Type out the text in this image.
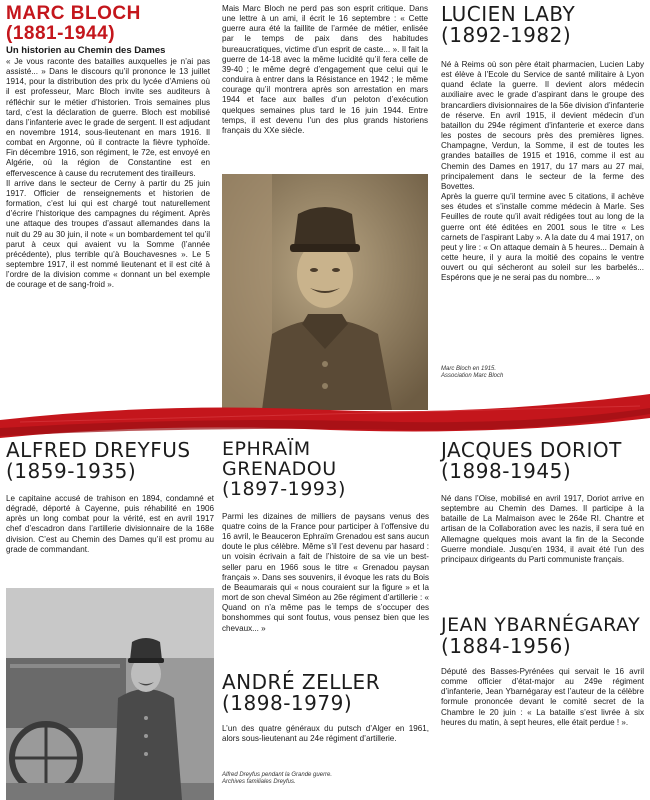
MARC BLOCH
(1881-1944)
Un historien au Chemin des Dames

« Je vous raconte des batailles auxquelles je n’ai pas assisté... » Dans le discours qu’il prononce le 13 juillet 1914, pour la distribution des prix du lycée d’Amiens où il est professeur, Marc Bloch invite ses auditeurs à réfléchir sur le métier d’historien. Trois semaines plus tard, c’est la déclaration de guerre. Bloch est mobilisé dans l’infanterie avec le grade de sergent. Il est adjudant en novembre 1914, sous-lieutenant en mars 1916. Il combat en Argonne, où il contracte la fièvre typhoïde. Fin décembre 1916, son régiment, le 72e, est envoyé en Algérie, où la région de Constantine est en effervescence à cause du recrutement des tirailleurs.
Il arrive dans le secteur de Cerny à partir du 25 juin 1917. Officier de renseignements et historien de formation, c’est lui qui est chargé tout naturellement d’écrire l’historique des campagnes du régiment. Après une attaque des troupes d’assaut allemandes dans la nuit du 29 au 30 juin, il note « un bombardement tel qu’il parut à ceux qui avaient vu la Somme (l’année précédente), plus terrible qu’à Bouchavesnes ». Le 5 septembre 1917, il est nommé lieutenant et il est cité à l’ordre de la division comme « donnant un bel exemple de courage et de sang-froid ».

Mais Marc Bloch ne perd pas son esprit critique. Dans une lettre à un ami, il écrit le 16 septembre : « Cette guerre aura été la faillite de l’armée de métier, enlisée par le temps de paix dans des habitudes bureaucratiques, victime d’un esprit de caste... ». Il fait la guerre de 14-18 avec la même lucidité qu’il fera celle de 39-40 ; le même degré d’engagement que celui qui le conduira à entrer dans la Résistance en 1942 ; le même courage qu’il montrera après son arrestation en mars 1944 et face aux balles d’un peloton d’exécution quelques semaines plus tard le 16 juin 1944. Entre temps, il est devenu l’un des plus grands historiens français du XXe siècle.

LUCIEN LABY
(1892-1982)

Né à Reims où son père était pharmacien, Lucien Laby est élève à l’Ecole du Service de santé militaire à Lyon quand éclate la guerre. Il devient alors médecin auxiliaire avec le grade d’aspirant dans le groupe des brancardiers divisionnaires de la 56e division d’infanterie de réserve. En avril 1915, il devient médecin d’un bataillon du 294e régiment d’infanterie et exerce dans les postes de secours près des premières lignes. Champagne, Verdun, la Somme, il est de toutes les grandes batailles de 1915 et 1916, comme il est au Chemin des Dames en 1917, du 17 mars au 27 mai, principalement dans le secteur de la ferme des Bovettes.
Après la guerre qu’il termine avec 5 citations, il achève ses études et s’installe comme médecin à Marle. Ses Feuilles de route qu’il avait rédigées tout au long de la guerre ont été éditées en 2001 sous le titre « Les carnets de l’aspirant Laby ». A la date du 4 mai 1917, on peut y lire : « On attaque demain à 5 heures... Demain à cette heure, il y aura la moitié des copains le ventre ouvert ou qui sécheront au soleil sur les barbelés... Espérons que je ne serai pas du nombre... »

Marc Bloch en 1915.
Association Marc Bloch
ALFRED DREYFUS
(1859-1935)

Le capitaine accusé de trahison en 1894, condamné et dégradé, déporté à Cayenne, puis réhabilité en 1906 après un long combat pour la vérité, est en avril 1917 chef d’escadron dans l’artillerie divisionnaire de la 168e division. C’est au Chemin des Dames qu’il est promu au grade de commandant.

EPHRAÏM GRENADOU
(1897-1993)

Parmi les dizaines de milliers de paysans venus des quatre coins de la France pour participer à l’offensive du 16 avril, le Beauceron Ephraïm Grenadou est sans aucun doute le plus célèbre. Même s’il l’est devenu par hasard : un voisin écrivain a fait de l’histoire de sa vie un best-seller paru en 1966 sous le titre « Grenadou paysan français ». Dans ses souvenirs, il évoque les rats du Bois de Beaumarais qui « nous couraient sur la figure » et la mort de son cheval Siméon au 26e régiment d’artillerie : « Quand on n’a même pas le temps de s’occuper des bonshommes qui sont foutus, vous pensez bien que les chevaux... »

ANDRÉ ZELLER
(1898-1979)

L’un des quatre généraux du putsch d’Alger en 1961, alors sous-lieutenant au 24e régiment d’artillerie.

Alfred Dreyfus pendant la Grande guerre.
Archives familiales Dreyfus.
JACQUES DORIOT
(1898-1945)

Né dans l’Oise, mobilisé en avril 1917, Doriot arrive en septembre au Chemin des Dames. Il participe à la bataille de La Malmaison avec le 264e RI. Chantre et artisan de la Collaboration avec les nazis, il sera tué en Allemagne quelques mois avant la fin de la Seconde Guerre mondiale. Jusqu’en 1934, il avait été l’un des principaux dirigeants du Parti communiste français.

JEAN YBARNÉGARAY
(1884-1956)

Député des Basses-Pyrénées qui servait le 16 avril comme officier d’état-major au 249e régiment d’infanterie, Jean Ybarnégaray est l’auteur de la célèbre formule prononcée devant le comité secret de la Chambre le 20 juin : « La bataille s’est livrée à six heures du matin, à sept heures, elle était perdue ! ».
